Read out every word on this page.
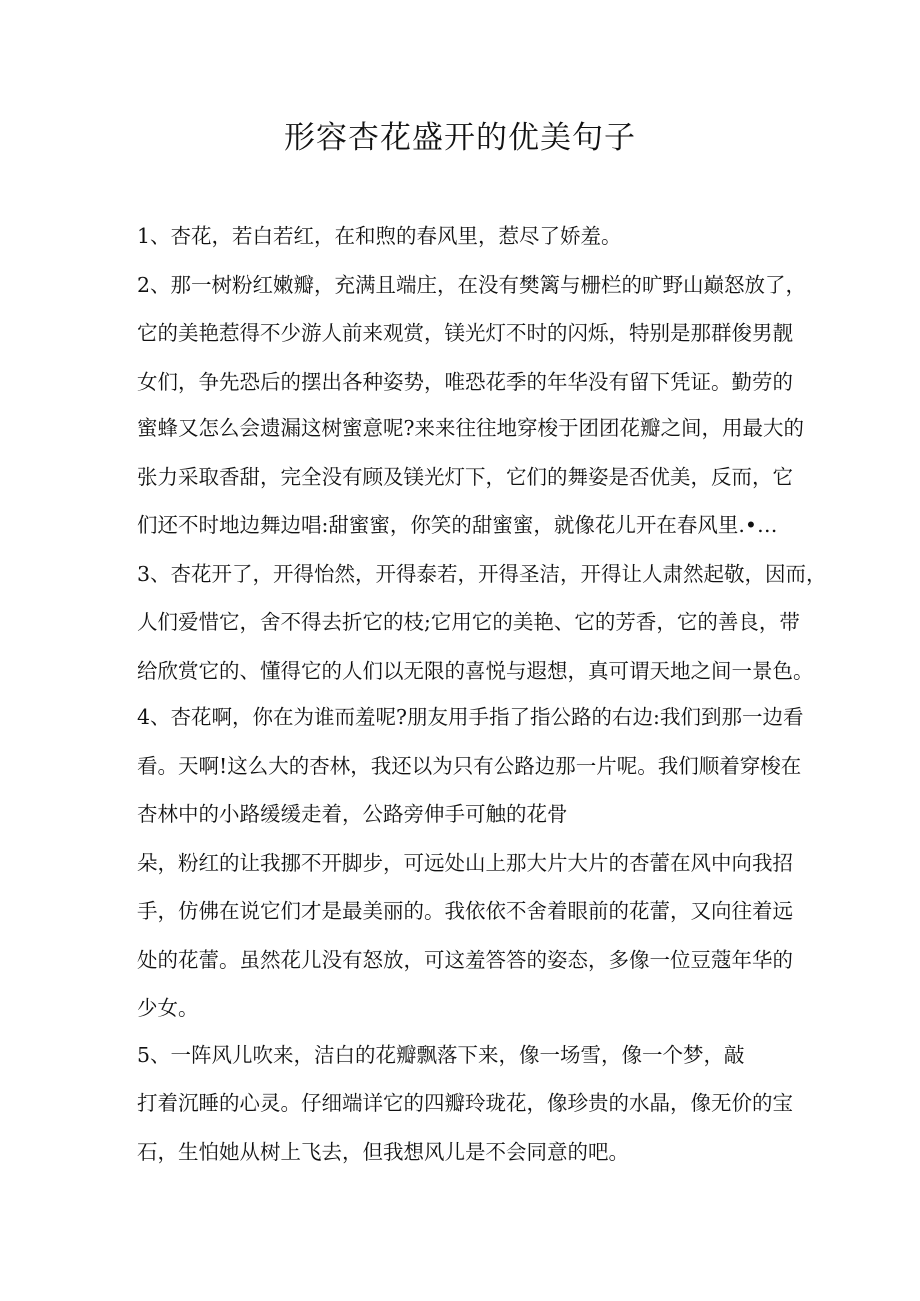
形容杏花盛开的优美句子
1、杏花，若白若红，在和煦的春风里，惹尽了娇羞。
2、那一树粉红嫩瓣，充满且端庄，在没有樊篱与栅栏的旷野山巅怒放了，
它的美艳惹得不少游人前来观赏，镁光灯不时的闪烁，特别是那群俊男靓
女们，争先恐后的摆出各种姿势，唯恐花季的年华没有留下凭证。勤劳的
蜜蜂又怎么会遗漏这树蜜意呢?来来往往地穿梭于团团花瓣之间，用最大的
张力采取香甜，完全没有顾及镁光灯下，它们的舞姿是否优美，反而，它
们还不时地边舞边唱:甜蜜蜜，你笑的甜蜜蜜，就像花儿开在春风里.•…
3、杏花开了，开得怡然，开得泰若，开得圣洁，开得让人肃然起敬，因而，
人们爱惜它，舍不得去折它的枝;它用它的美艳、它的芳香，它的善良，带
给欣赏它的、懂得它的人们以无限的喜悦与遐想，真可谓天地之间一景色。
4、杏花啊，你在为谁而羞呢?朋友用手指了指公路的右边:我们到那一边看
看。天啊!这么大的杏林，我还以为只有公路边那一片呢。我们顺着穿梭在
杏林中的小路缓缓走着，公路旁伸手可触的花骨
朵，粉红的让我挪不开脚步，可远处山上那大片大片的杏蕾在风中向我招
手，仿佛在说它们才是最美丽的。我依依不舍着眼前的花蕾，又向往着远
处的花蕾。虽然花儿没有怒放，可这羞答答的姿态，多像一位豆蔻年华的
少女。
5、一阵风儿吹来，洁白的花瓣飘落下来，像一场雪，像一个梦，敲
打着沉睡的心灵。仔细端详它的四瓣玲珑花，像珍贵的水晶，像无价的宝
石，生怕她从树上飞去，但我想风儿是不会同意的吧。
